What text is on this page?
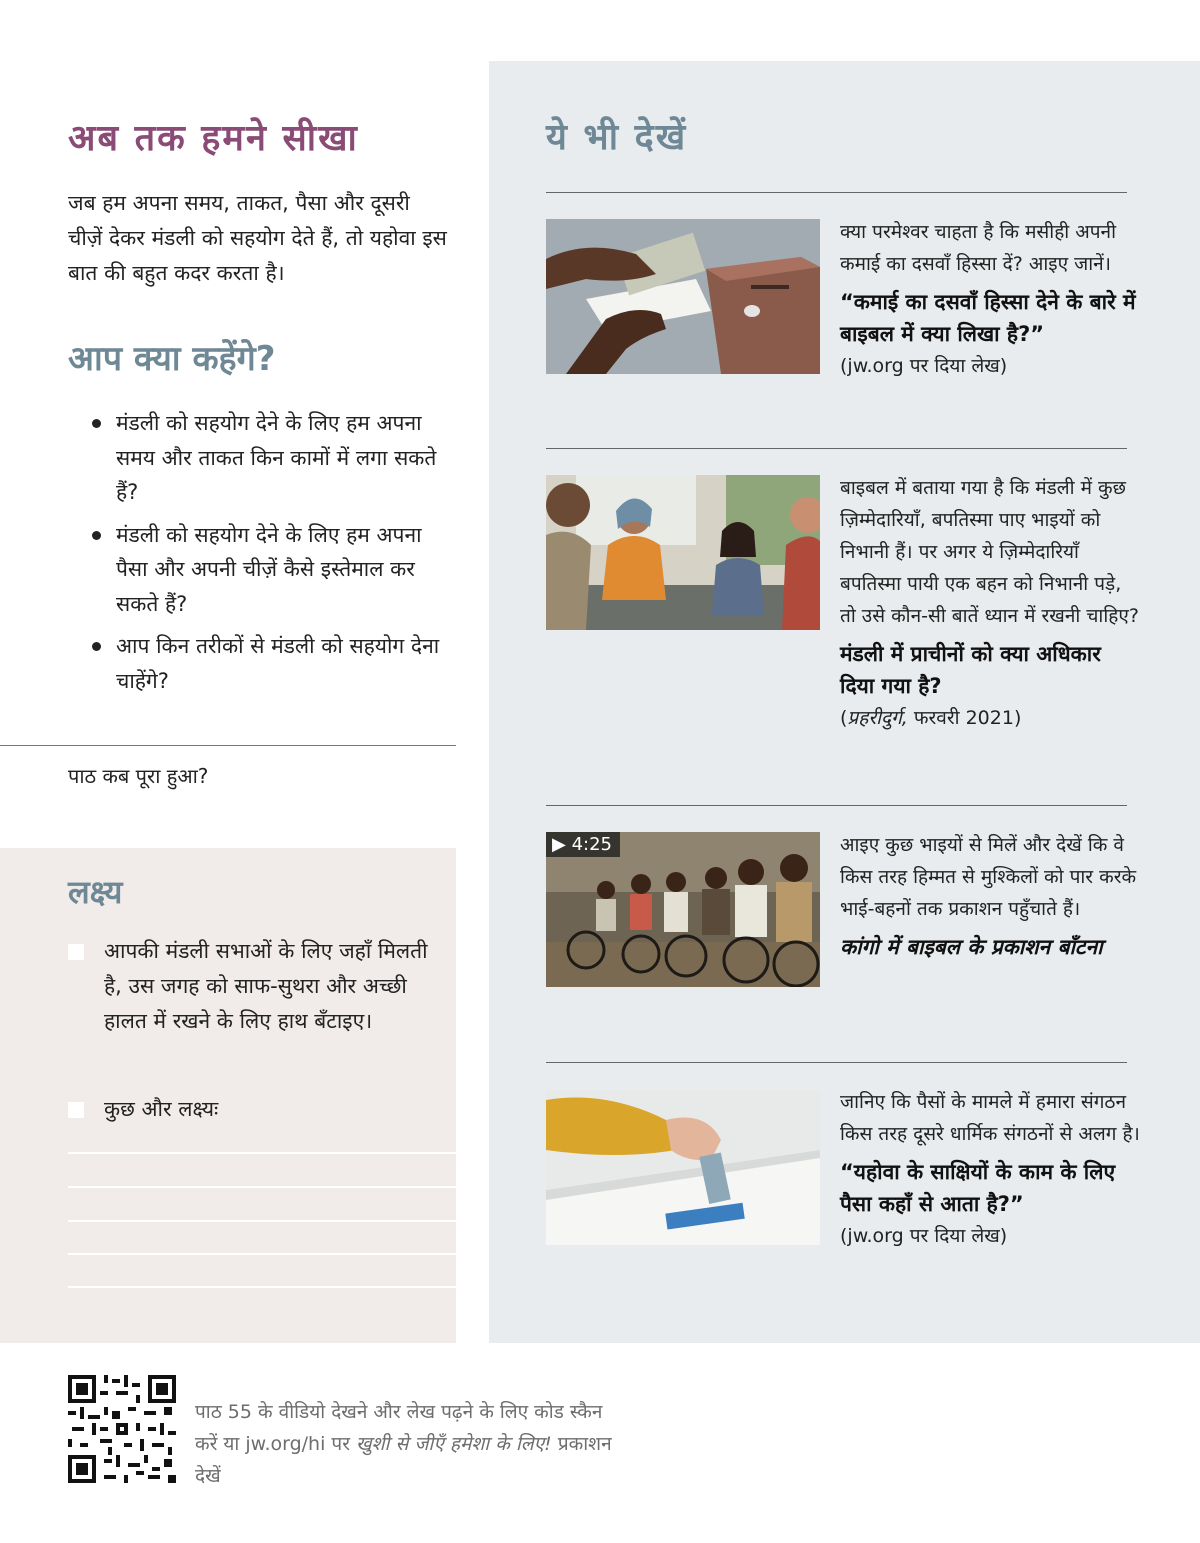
अब तक हमने सीखा

जब हम अपना समय, ताकत, पैसा और दूसरी चीज़ें देकर मंडली को सहयोग देते हैं, तो यहोवा इस बात की बहुत कदर करता है।

आप क्या कहेंगे?
मंडली को सहयोग देने के लिए हम अपना समय और ताकत किन कामों में लगा सकते हैं?
मंडली को सहयोग देने के लिए हम अपना पैसा और अपनी चीज़ें कैसे इस्तेमाल कर सकते हैं?
आप किन तरीकों से मंडली को सहयोग देना चाहेंगे?

पाठ कब पूरा हुआ?

लक्ष्य
आपकी मंडली सभाओं के लिए जहाँ मिलती है, उस जगह को साफ-सुथरा और अच्छी हालत में रखने के लिए हाथ बँटाइए।
कुछ और लक्ष्यः
ये भी देखें

क्या परमेश्वर चाहता है कि मसीही अपनी कमाई का दसवाँ हिस्सा दें? आइए जानें।

“कमाई का दसवाँ हिस्सा देने के बारे में बाइबल में क्या लिखा है?”

(jw.org पर दिया लेख)

बाइबल में बताया गया है कि मंडली में कुछ ज़िम्मेदारियाँ, बपतिस्मा पाए भाइयों को निभानी हैं। पर अगर ये ज़िम्मेदारियाँ बपतिस्मा पायी एक बहन को निभानी पड़े, तो उसे कौन-सी बातें ध्यान में रखनी चाहिए?

मंडली में प्राचीनों को क्या अधिकार दिया गया है?

(प्रहरीदुर्ग, फरवरी 2021)

▶ 4:25	आइए कुछ भाइयों से मिलें और देखें कि वे किस तरह हिम्मत से मुश्किलों को पार करके भाई-बहनों तक प्रकाशन पहुँचाते हैं।

कांगो में बाइबल के प्रकाशन बाँटना

जानिए कि पैसों के मामले में हमारा संगठन किस तरह दूसरे धार्मिक संगठनों से अलग है।

“यहोवा के साक्षियों के काम के लिए पैसा कहाँ से आता है?”

(jw.org पर दिया लेख)

पाठ 55 के वीडियो देखने और लेख पढ़ने के लिए कोड स्कैन करें या jw.org/hi पर खुशी से जीएँ हमेशा के लिए! प्रकाशन देखें
